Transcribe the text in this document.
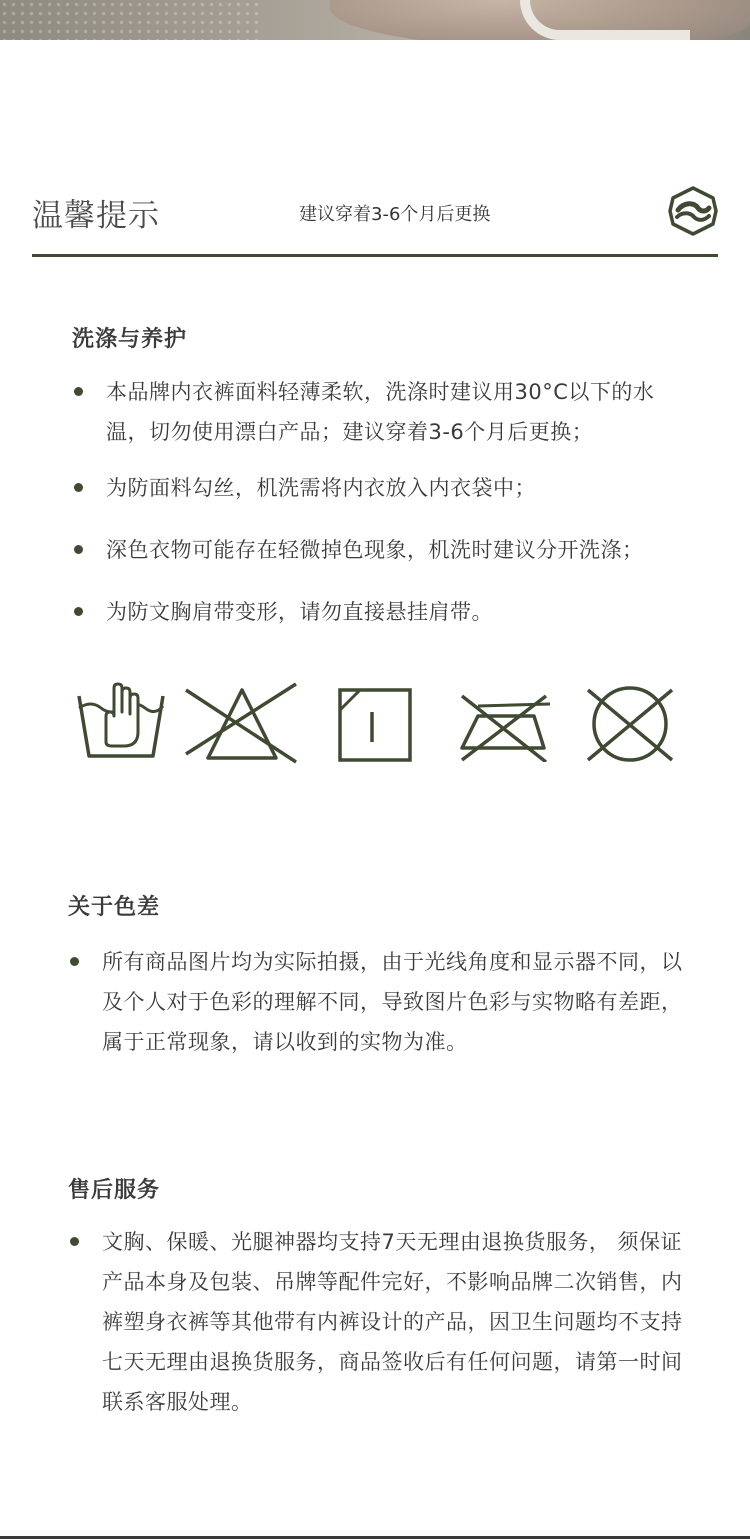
温馨提示	建议穿着3-6个月后更换
洗涤与养护
本品牌内衣裤面料轻薄柔软，洗涤时建议用30°C以下的水温，切勿使用漂白产品；建议穿着3-6个月后更换；
为防面料勾丝，机洗需将内衣放入内衣袋中；
深色衣物可能存在轻微掉色现象，机洗时建议分开洗涤；
为防文胸肩带变形，请勿直接悬挂肩带。
关于色差
所有商品图片均为实际拍摄，由于光线角度和显示器不同，以及个人对于色彩的理解不同，导致图片色彩与实物略有差距，属于正常现象，请以收到的实物为准。
售后服务
文胸、保暖、光腿神器均支持7天无理由退换货服务， 须保证产品本身及包装、吊牌等配件完好，不影响品牌二次销售，内裤塑身衣裤等其他带有内裤设计的产品，因卫生问题均不支持七天无理由退换货服务，商品签收后有任何问题，请第一时间联系客服处理。
